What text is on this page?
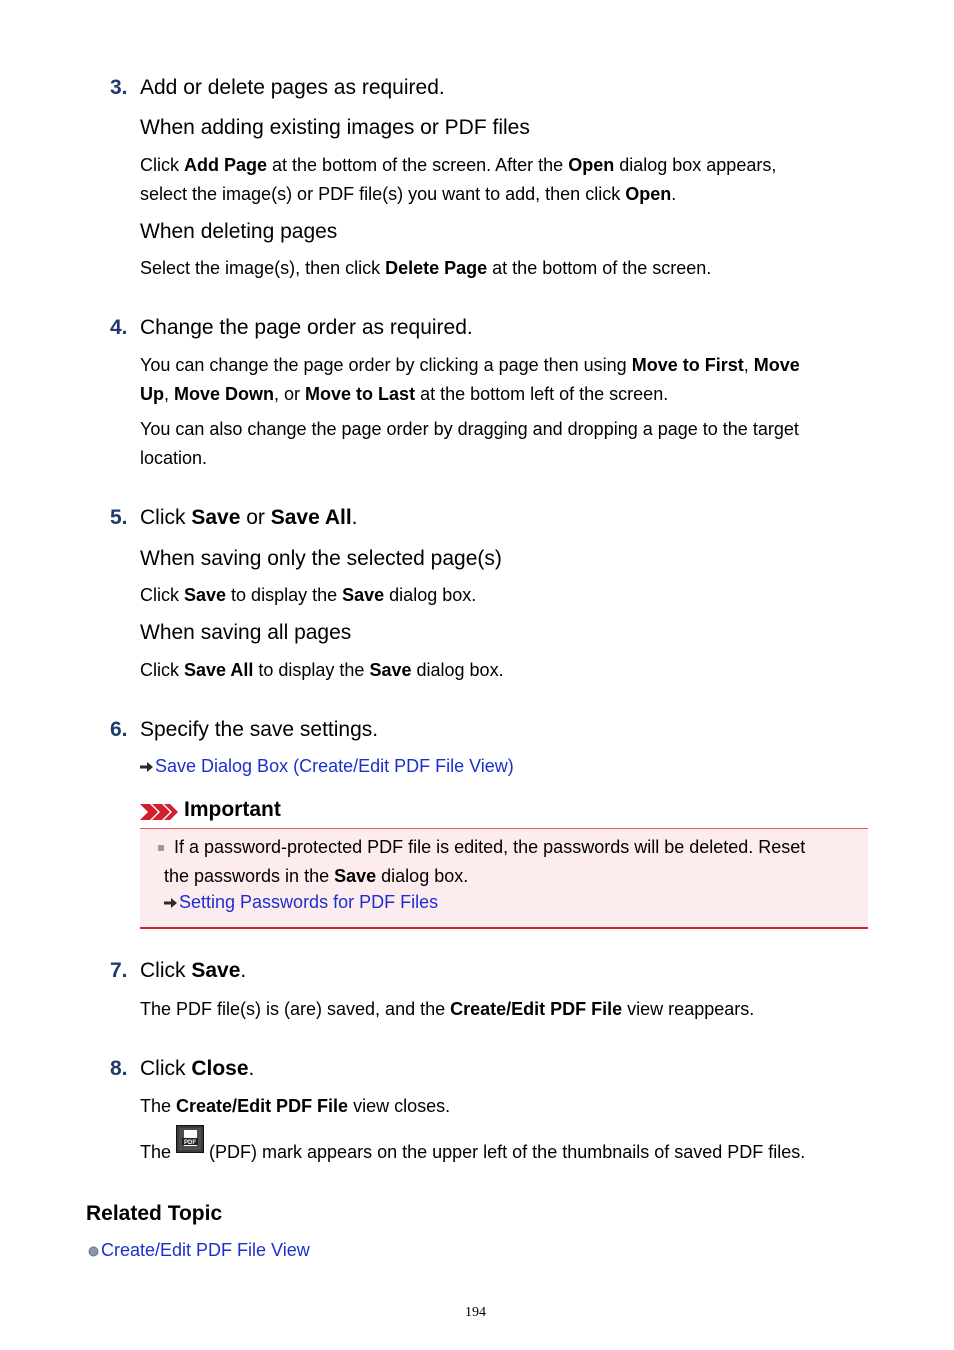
3. Add or delete pages as required.
When adding existing images or PDF files
Click Add Page at the bottom of the screen. After the Open dialog box appears,
select the image(s) or PDF file(s) you want to add, then click Open.
When deleting pages
Select the image(s), then click Delete Page at the bottom of the screen.
4. Change the page order as required.
You can change the page order by clicking a page then using Move to First, Move
Up, Move Down, or Move to Last at the bottom left of the screen.
You can also change the page order by dragging and dropping a page to the target
location.
5. Click Save or Save All.
When saving only the selected page(s)
Click Save to display the Save dialog box.
When saving all pages
Click Save All to display the Save dialog box.
6. Specify the save settings.
Save Dialog Box (Create/Edit PDF File View)
Important
If a password-protected PDF file is edited, the passwords will be deleted. Reset
the passwords in the Save dialog box.
Setting Passwords for PDF Files
7. Click Save.
The PDF file(s) is (are) saved, and the Create/Edit PDF File view reappears.
8. Click Close.
The Create/Edit PDF File view closes.
The PDF (PDF) mark appears on the upper left of the thumbnails of saved PDF files.
Related Topic
Create/Edit PDF File View
194
